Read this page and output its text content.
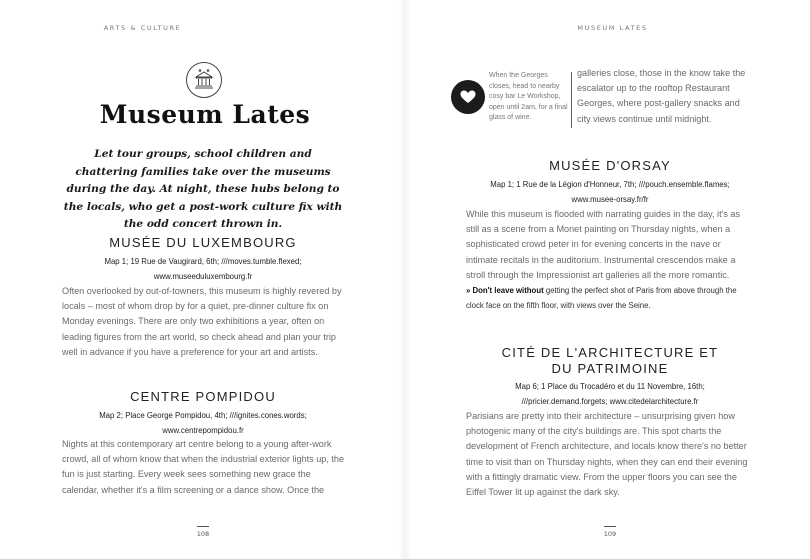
ARTS & CULTURE
Museum Lates
Let tour groups, school children and chattering families take over the museums during the day. At night, these hubs belong to the locals, who get a post-work culture fix with the odd concert thrown in.
MUSÉE DU LUXEMBOURG
Map 1; 19 Rue de Vaugirard, 6th; ///moves.tumble.flexed;
www.museeduluxembourg.fr
Often overlooked by out-of-towners, this museum is highly revered by locals – most of whom drop by for a quiet, pre-dinner culture fix on Monday evenings. There are only two exhibitions a year, often on leading figures from the art world, so check ahead and plan your trip well in advance if you have a preference for your art and artists.
CENTRE POMPIDOU
Map 2; Place George Pompidou, 4th; ///ignites.cones.words;
www.centrepompidou.fr
Nights at this contemporary art centre belong to a young after-work crowd, all of whom know that when the industrial exterior lights up, the fun is just starting. Every week sees something new grace the calendar, whether it's a film screening or a dance show. Once the
108
MUSEUM LATES
109
When the Georges closes, head to nearby cosy bar Le Workshop, open until 2am, for a final glass of wine.
galleries close, those in the know take the escalator up to the rooftop Restaurant Georges, where post-gallery snacks and city views continue until midnight.
MUSÉE D'ORSAY
Map 1; 1 Rue de la Légion d'Honneur, 7th; ///pouch.ensemble.flames;
www.musee-orsay.fr/fr
While this museum is flooded with narrating guides in the day, it's as still as a scene from a Monet painting on Thursday nights, when a sophisticated crowd peter in for evening concerts in the nave or intimate recitals in the auditorium. Instrumental crescendos make a stroll through the Impressionist art galleries all the more romantic.
» Don't leave without getting the perfect shot of Paris from above through the clock face on the fifth floor, with views over the Seine.
CITÉ DE L'ARCHITECTURE ET
DU PATRIMOINE
Map 6; 1 Place du Trocadéro et du 11 Novembre, 16th;
///pricier.demand.forgets; www.citedelarchitecture.fr
Parisians are pretty into their architecture – unsurprising given how photogenic many of the city's buildings are. This spot charts the development of French architecture, and locals know there's no better time to visit than on Thursday nights, when they can end their evening with a fittingly dramatic view. From the upper floors you can see the Eiffel Tower lit up against the dark sky.
